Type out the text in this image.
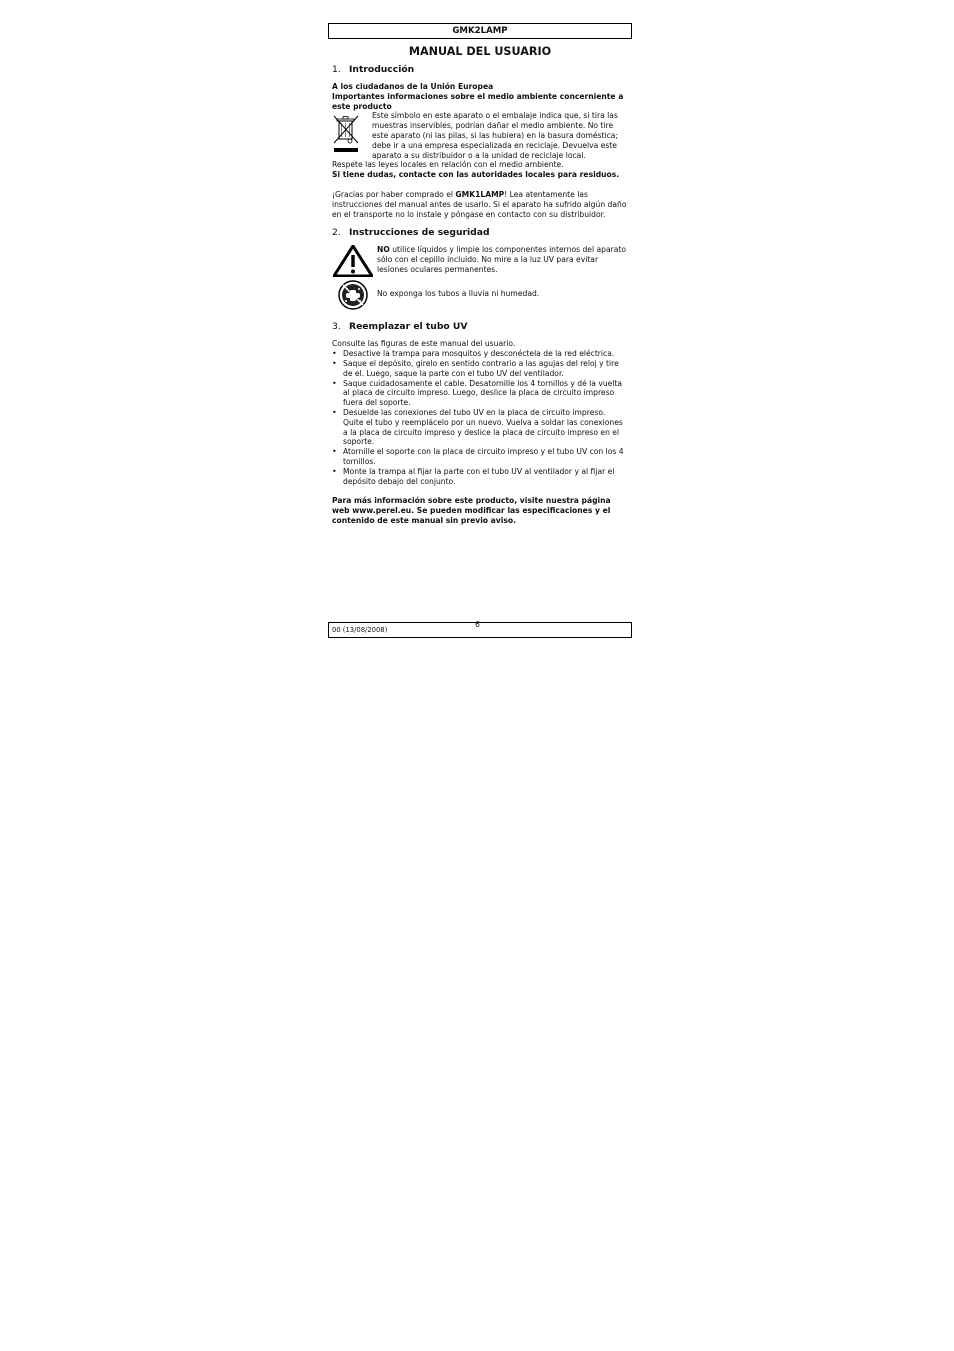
GMK2LAMP
MANUAL DEL USUARIO
1. Introducción
A los ciudadanos de la Unión Europea
Importantes informaciones sobre el medio ambiente concerniente a este producto
Este símbolo en este aparato o el embalaje indica que, si tira las muestras inservibles, podrían dañar el medio ambiente. No tire este aparato (ni las pilas, si las hubiera) en la basura doméstica; debe ir a una empresa especializada en reciclaje. Devuelva este aparato a su distribuidor o a la unidad de reciclaje local.
Respete las leyes locales en relación con el medio ambiente.
Si tiene dudas, contacte con las autoridades locales para residuos.
¡Gracias por haber comprado el GMK1LAMP! Lea atentamente las instrucciones del manual antes de usarlo. Si el aparato ha sufrido algún daño en el transporte no lo instale y póngase en contacto con su distribuidor.
2. Instrucciones de seguridad
NO utilice líquidos y limpie los componentes internos del aparato sólo con el cepillo incluido. No mire a la luz UV para evitar lesiones oculares permanentes.
No exponga los tubos a lluvia ni humedad.
3. Reemplazar el tubo UV
Consulte las figuras de este manual del usuario.
• Desactive la trampa para mosquitos y desconéctela de la red eléctrica.
• Saque el depósito, gírelo en sentido contrario a las agujas del reloj y tire de el. Luego, saque la parte con el tubo UV del ventilador.
• Saque cuidadosamente el cable. Desatornille los 4 tornillos y dé la vuelta al placa de circuito impreso. Luego, deslice la placa de circuito impreso fuera del soporte.
• Desuelde las conexiones del tubo UV en la placa de circuito impreso. Quite el tubo y reemplácelo por un nuevo. Vuelva a soldar las conexiones a la placa de circuito impreso y deslice la placa de circuito impreso en el soporte.
• Atornille el soporte con la placa de circuito impreso y el tubo UV con los 4 tornillos.
• Monte la trampa al fijar la parte con el tubo UV al ventilador y al fijar el depósito debajo del conjunto.
Para más información sobre este producto, visite nuestra página web www.perel.eu. Se pueden modificar las especificaciones y el contenido de este manual sin previo aviso.
00 (13/08/2008)
6
